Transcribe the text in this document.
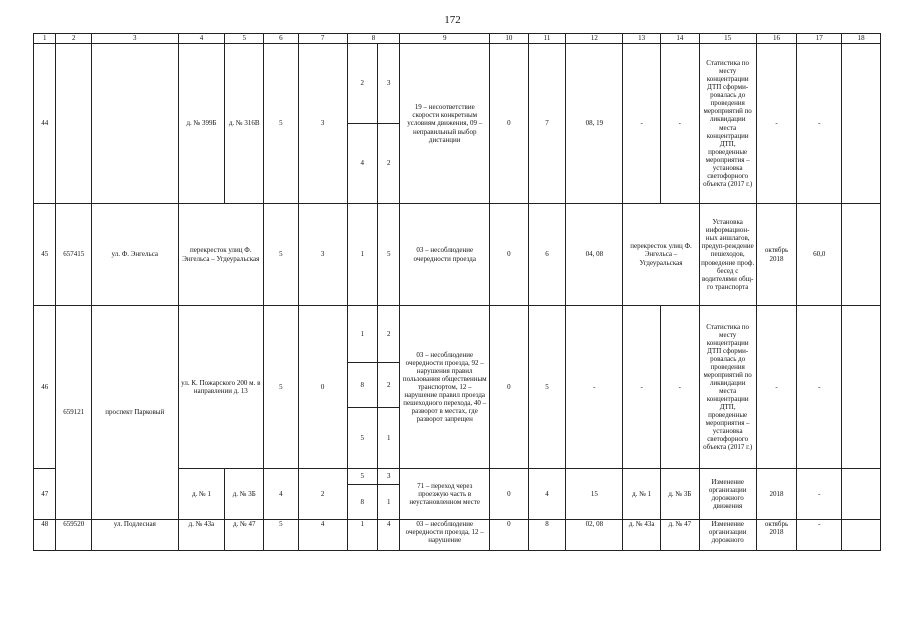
172
1	2	3	4	5	6	7	8		9	10	11	12	13	14	15	16	17	18
44			д. № 399Б	д. № 316В	5	3	2	3	19 – несоответствие скорости конкретным условиям движения, 09 – неправильный выбор дистанции	0	7	08, 19	-	-	Статистика по месту концентрации ДТП сформи-ровалась до проведения мероприятий по ликвидации места концентрации ДТП, проведенные мероприятия – установка светофорного объекта (2017 г.)	-	-	
							4	2										
45	657415	ул. Ф. Энгельса	перекресток улиц Ф. Энгельса – Угдеуральская		5	3	1	5	03 – несоблюдение очередности проезда	0	6	04, 08	перекресток улиц Ф. Энгельса – Угдеуральская		Установка информацион-ных аншлагов, предуп-реждение пешеходов, проведение проф. бесед с водителями общ-го транспорта	октябрь 2018	60,0	
46	659121	проспект Парковый	ул. К. Пожарского 200 м. в направлении д. 13		5	0	1	2	03 – несоблюдение очередности проезда, 92 – нарушения правил пользования общественным транспортом, 12 – нарушение правил проезда пешеходного перехода, 40 – разворот в местах, где разворот запрещен	0	5	-	-	-	Статистика по месту концентрации ДТП сформи-ровалась до проведения мероприятий по ликвидации места концентрации ДТП, проведенные мероприятия – установка светофорного объекта (2017 г.)	-	-	
							8	2										
							5	1										
47			д. № 1	д. № 3Б	4	2	5	3	71 – переход через проезжую часть в неустановленном месте	0	4	15	д. № 1	д. № 3Б	Изменение организации дорожного движения	2018	-	
							8	1										
48	659520	ул. Подлесная	д. № 43а	д. № 47	5	4	1	4	03 – несоблюдение очередности проезда, 12 – нарушение	0	8	02, 08	д. № 43а	д. № 47	Изменение организации дорожного	октябрь 2018	-	
